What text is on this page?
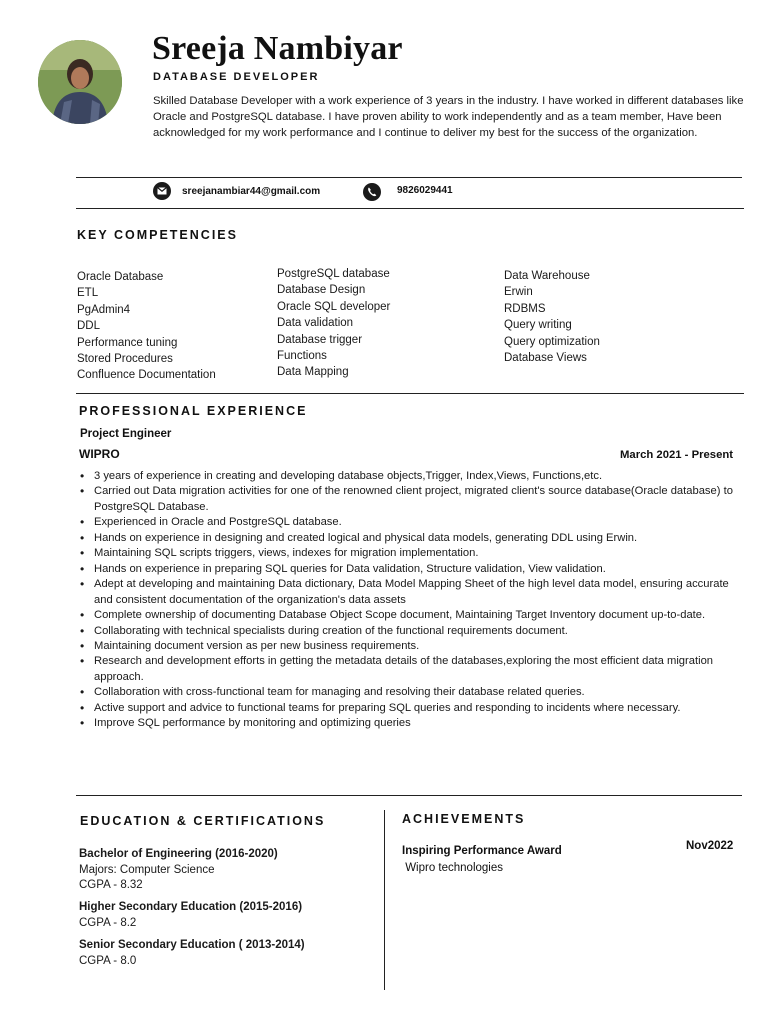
Sreeja Nambiyar
DATABASE DEVELOPER
Skilled Database Developer with a work experience of 3 years in the industry. I have worked in different databases like Oracle and PostgreSQL database. I have proven ability to work independently and as a team member, Have been acknowledged for my work performance and I continue to deliver my best for the success of the organization.
sreejanambiar44@gmail.com	9826029441
KEY COMPETENCIES
Oracle Database
ETL
PgAdmin4
DDL
Performance tuning
Stored Procedures
Confluence Documentation
PostgreSQL database
Database Design
Oracle SQL developer
Data validation
Database trigger
Functions
Data Mapping
Data Warehouse
Erwin
RDBMS
Query writing
Query optimization
Database Views
PROFESSIONAL EXPERIENCE
Project Engineer
WIPRO	March 2021 - Present
• 3 years of experience in creating and developing database objects,Trigger, Index,Views, Functions,etc.
• Carried out Data migration activities for one of the renowned client project, migrated client's source database(Oracle database) to PostgreSQL Database.
• Experienced in Oracle and PostgreSQL database.
• Hands on experience in designing and created logical and physical data models, generating DDL using Erwin.
• Maintaining SQL scripts triggers, views, indexes for migration implementation.
• Hands on experience in preparing SQL queries for Data validation, Structure validation, View validation.
• Adept at developing and maintaining Data dictionary, Data Model Mapping Sheet of the high level data model, ensuring accurate and consistent documentation of the organization's data assets
• Complete ownership of documenting Database Object Scope document, Maintaining Target Inventory document up-to-date.
• Collaborating with technical specialists during creation of the functional requirements document.
• Maintaining document version as per new business requirements.
• Research and development efforts in getting the metadata details of the databases,exploring the most efficient data migration approach.
• Collaboration with cross-functional team for managing and resolving their database related queries.
• Active support and advice to functional teams for preparing SQL queries and responding to incidents where necessary.
• Improve SQL performance by monitoring and optimizing queries
EDUCATION & CERTIFICATIONS
Bachelor of Engineering (2016-2020)
Majors: Computer Science
CGPA - 8.32
Higher Secondary Education (2015-2016)
CGPA - 8.2
Senior Secondary Education ( 2013-2014)
CGPA - 8.0
ACHIEVEMENTS
Inspiring Performance Award
Wipro technologies
Nov2022
